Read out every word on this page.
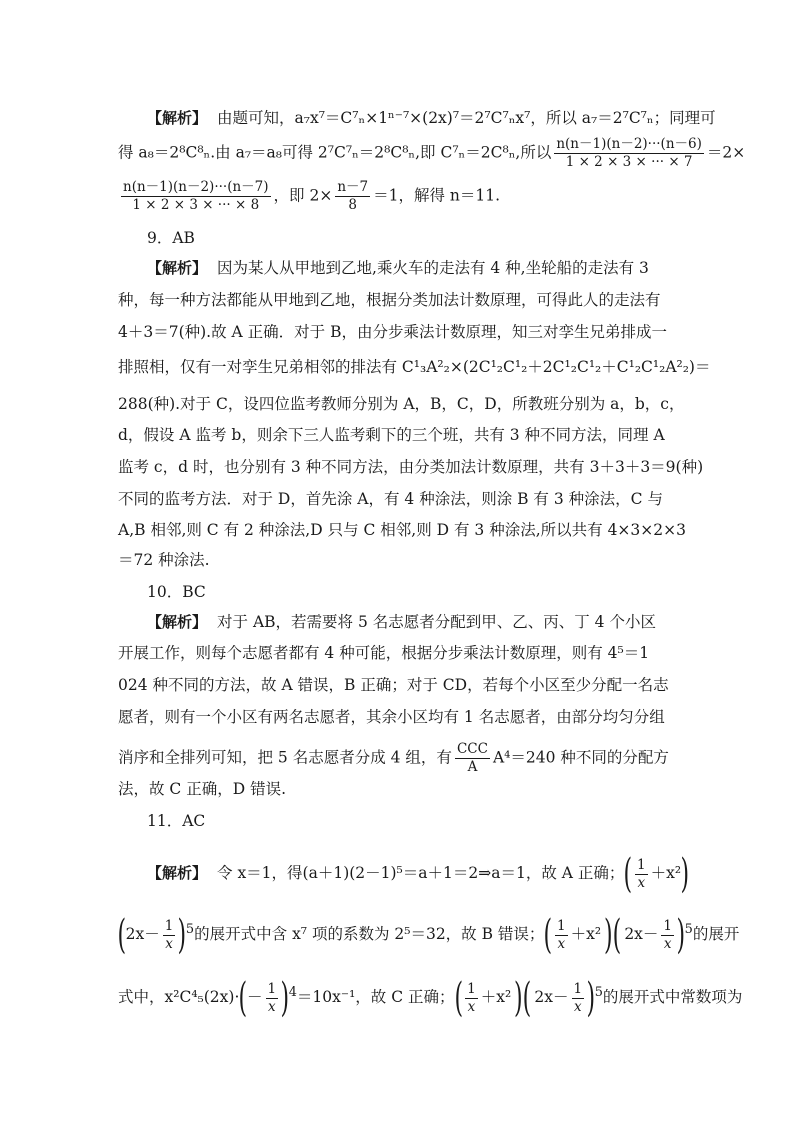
【解析】 由题可知，a₇x⁷＝C⁷ₙ×1ⁿ⁻⁷×(2x)⁷＝2⁷C⁷ₙx⁷，所以 a₇＝2⁷C⁷ₙ；同理可
得 a₈＝2⁸C⁸ₙ.由 a₇＝a₈可得 2⁷C⁷ₙ＝2⁸C⁸ₙ,即 C⁷ₙ＝2C⁸ₙ,所以 $\frac{n(n-1)(n-2)\cdot\cdot\cdot(n-6)}{1 \times 2 \times 3 \times \cdot\cdot\cdot \times 7} =2\times$
$\frac{n(n-1)(n-2)\cdot\cdot\cdot(n-7)}{1 \times 2 \times 3 \times \cdot\cdot\cdot \times 8}$ ，即 $2\times \frac{n-7}{8} =1$，解得 n＝11.
9．AB
【解析】 因为某人从甲地到乙地,乘火车的走法有 4 种,坐轮船的走法有 3
种，每一种方法都能从甲地到乙地，根据分类加法计数原理，可得此人的走法有
4＋3＝7(种).故 A 正确．对于 B，由分步乘法计数原理，知三对孪生兄弟排成一
排照相，仅有一对孪生兄弟相邻的排法有 C¹₃A²₂×(2C¹₂C¹₂＋2C¹₂C¹₂＋C¹₂C¹₂A²₂)＝
288(种).对于 C，设四位监考教师分别为 A，B，C，D，所教班分别为 a，b，c，
d，假设 A 监考 b，则余下三人监考剩下的三个班，共有 3 种不同方法，同理 A
监考 c，d 时，也分别有 3 种不同方法，由分类加法计数原理，共有 3＋3＋3＝9(种)
不同的监考方法．对于 D，首先涂 A，有 4 种涂法，则涂 B 有 3 种涂法，C 与
A,B 相邻,则 C 有 2 种涂法,D 只与 C 相邻,则 D 有 3 种涂法,所以共有 4×3×2×3
＝72 种涂法.
10．BC
【解析】 对于 AB，若需要将 5 名志愿者分配到甲、乙、丙、丁 4 个小区
开展工作，则每个志愿者都有 4 种可能，根据分步乘法计数原理，则有 4⁵＝1
024 种不同的方法，故 A 错误，B 正确；对于 CD，若每个小区至少分配一名志
愿者，则有一个小区有两名志愿者，其余小区均有 1 名志愿者，由部分均匀分组
消序和全排列可知，把 5 名志愿者分成 4 组，有 $\frac{\text{CCC}}{A} A^4=240$ 种不同的分配方
法，故 C 正确，D 错误.
11．AC
【解析】 令 x＝1，得(a＋1)(2－1)⁵＝a＋1＝2⇒a＝1，故 A 正确；( $\frac{1}{x} +x^2$)
$(2x- \frac{1}{x} )^5$的展开式中含 x⁷ 项的系数为 2⁵＝32，故 B 错误；( $\frac{1}{x} +x^2$)( $2x- \frac{1}{x} )^5$的展开
式中，$x^2C^4_5(2x)\cdot(- \frac{1}{x} )^4=10x^{-1}$，故 C 正确；( $\frac{1}{x} +x^2$)( $2x- \frac{1}{x} )^5$的展开式中常数项为
